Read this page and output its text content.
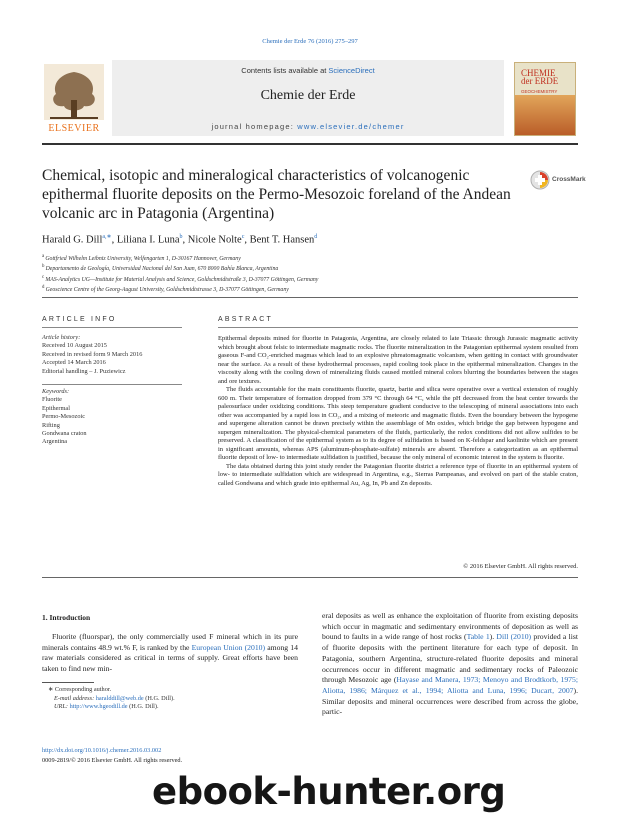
Chemie der Erde 76 (2016) 275–297
Contents lists available at ScienceDirect
Chemie der Erde
journal homepage: www.elsevier.de/chemer
ELSEVIER
CHEMIE
der ERDE
GEOCHEMISTRY
Chemical, isotopic and mineralogical characteristics of volcanogenic epithermal fluorite deposits on the Permo-Mesozoic foreland of the Andean volcanic arc in Patagonia (Argentina)
CrossMark
Harald G. Dill$^{a,∗}$, Liliana I. Luna$^b$, Nicole Nolte$^c$, Bent T. Hansen$^d$
$^a$ Gottfried Wilhelm Leibniz University, Welfengarten 1, D-30167 Hannover, Germany
$^b$ Departamento de Geología, Universidad Nacional del San Juan, 670 8000 Bahía Blanca, Argentina
$^c$ MAS-Analytics UG—Institute for Material Analysis and Science, Goldschmidtstraße 3, D-37077 Göttingen, Germany
$^d$ Geoscience Centre of the Georg-August University, Goldschmidtstrasse 3, D-37077 Göttingen, Germany
ARTICLE INFO	ABSTRACT
Article history:
Received 10 August 2015
Received in revised form 9 March 2016
Accepted 14 March 2016
Editorial handling – J. Puziewicz
Keywords:
Fluorite
Epithermal
Permo-Mesozoic
Rifting
Gondwana craton
Argentina

Epithermal deposits mined for fluorite in Patagonia, Argentina, are closely related to late Triassic through Jurassic magmatic activity which brought about felsic to intermediate magmatic rocks. The fluorite mineralization in the Patagonian epithermal system resulted from gaseous F-and CO₂-enriched magmas which lead to an explosive phreatomagmatic volcanism, when getting in contact with groundwater near the surface. As a result of these hydrothermal processes, rapid cooling took place in the epithermal mineralization. Changes in the viscosity along with the cooling down of mineralizing fluids caused mottled mineral colors blurring the boundaries between the stages and ore textures.

The fluids accountable for the main constituents fluorite, quartz, barite and silica were operative over a vertical extension of roughly 600 m. Their temperature of formation dropped from 379 °C through 64 °C, while the pH decreased from the heat center towards the paleosurface under oxidizing conditions. This steep temperature gradient conducive to the telescoping of mineral associations into each other was accompanied by a rapid loss in CO₂, and a mixing of meteoric and magmatic fluids. Even the boundary between the hypogene and supergene alteration cannot be drawn precisely within the assemblage of Mn oxides, which bridge the gap between hypogene and supergen mineralization. The physical-chemical parameters of the fluids, particularly, the redox conditions did not allow sulfides to be preserved. A classification of the epithermal system as to its degree of sulfidation is based on K-feldspar and kaolinite which are present in significant amounts, whereas APS (aluminum-phosphate-sulfate) minerals are absent. Therefore a categorization as an epithermal fluorite deposit of low- to intermediate sulfidation is justified, because the only mineral of economic interest in the system is fluorite.

The data obtained during this joint study render the Patagonian fluorite district a reference type of fluorite in an epithermal system of low- to intermediate sulfidation which are widespread in Argentina, e.g., Sierras Pampeanas, and evolved on part of the stable craton, called Gondwana and which grade into epithermal Au, Ag, In, Pb and Zn deposits.

© 2016 Elsevier GmbH. All rights reserved.
1. Introduction

Fluorite (fluorspar), the only commercially used F mineral which in its pure minerals contains 48.9 wt.% F, is ranked by the European Union (2010) among 14 raw materials considered as critical in terms of supply. Great efforts have been taken to find new min-

eral deposits as well as enhance the exploitation of fluorite from existing deposits which occur in magmatic and sedimentary environments of deposition as well as bound to faults in a wide range of host rocks (Table 1). Dill (2010) provided a list of fluorite deposits with the pertinent literature for each type of deposit. In Patagonia, southern Argentina, structure-related fluorite deposits and mineral occurrences occur in different magmatic and sedimentary rocks of Paleozoic through Mesozoic age (Hayase and Manera, 1973; Menoyo and Brodtkorb, 1975; Aliotta, 1986; Márquez et al., 1994; Aliotta and Luna, 1996; Ducart, 2007). Similar deposits and mineral occurrences were described from across the globe, partic-
∗ Corresponding author.
E-mail address: haralddill@web.de (H.G. Dill).
URL: http://www.hgeodill.de (H.G. Dill).
http://dx.doi.org/10.1016/j.chemer.2016.03.002
0009-2819/© 2016 Elsevier GmbH. All rights reserved.
ebook-hunter.org
